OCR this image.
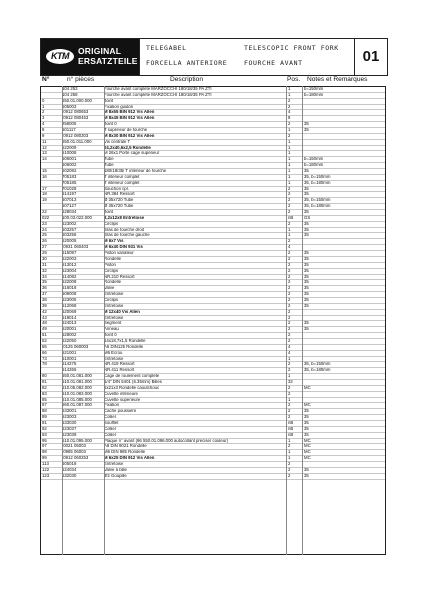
KTM	ORIGINAL
ERSATZTEILE
TELEGABEL	TELESCOPIC FRONT FORK
FORCELLA ANTERIORE	FOURCHE AVANT	01
N°	n° pièces	Description	Pos. Notes et Remarques
104 253	Fourche avant complète MARZOCCHI 180/18/35 PA ZTI	1	b=150mm
104 258	Fourche avant complète MARZOCCHI 180/18/35 PA ZTI	1	b=180mm
0	550.01.000.000	Joint	2
1	505003	Fixation guidon	2
2	.0912 080653	M 8x65 BIN 912 Vis Allen	4
3	.0912 080453	M 8x45 BIN 912 Vis Allen	8
4	258005	Joint 0	2	35
8	501117	T supérieur de fourche	1	35
9	.0912 080303	M 8x30 BIN 912 Vis Allen	2
11	550.01.011.000	Vis centrale T	1
12	522009	24,2x40,6x2,5 Rondelle	1
13	510008	M 26x1 Porte cage supérieur	1
14	506001	Tube	1	b=150mm
506002	Tube	1	b=180mm
15	502082	180/18/35/ T intérieur de fourche	1	35
16	705183	T intérieur complet	1	35, b=150mm
705185	T intérieur complet	1	35, b=180mm
17	701028	Bouchon cpl.	2	35
18	514197	NR.384 Ressort	2	35
19	507013	Ø 35x720 Tube	2	35, b=150mm
507127	Ø 35x720 Tube	2	35, b=180mm
22	528034	Joint	2	35
022	100.03.022.000	8,2x12x8 Entretoise	nB	GS
23	523002	Circlips	2	35
24	503257	Bras de fourche droit	1	35
25	503256	Bras de fourche gauche	1	35
26	520005	M 6x7 Vis	2
27	.0931 060403	M 6x40 DIN 931 Vis	4
29	515097	Piston variateur	2	35
30	522003	Rondelle	2	35
31	513012	Piston	2	35
32	523004	Circlips	2	35
34	514082	NR.210 Ressort	2	35
35	522008	Rondelle	2	35
36	516018	Valve	2	35
37	509008	Entretoise	2	35
38	523005	Circlips	2	35
39	512068	Entretoise	2	35
42	520069	M 12x40 Vis Allen	2
43	519014	Entretoise	2
48	524013	Segment	2	35
49	520001	Anneau	2	35
51	528002	Joint 0	2
52	522050	14x18,7x1,5 Rondelle	2
65	.0125 060003	A6 DIN125 Rondelle	4
66	521001	M6 Ecrou	4
73	510001	Entretoise	1
78	514275	NR.419 Ressort	2	35, b=150mm
514265	NR.411 Ressort	2	35, b=180mm
80	550.01.081.000	Cage de roulement complète	1
81	510.01.081.000	1/4" DIN 5401 (6.35mm) Billes	32
82	510.05.082.000	5x21x3 Rondelle caoutchouc	2	MC
83	510.01.083.000	Cuvette inférieure	2
85	510.01.085.000	Cuvette supérieure	1
87	560.01.087.000	Fixation	2	MC
88	533001	Cache poussière	2	35
89	523003	Collier	2	35
91	533030	Soufflet	nB	35
92	523037	Collier	nB	35
93	523039	Collier	nB	35
95	510.01.095.000	Plaque n° avant (96 550.01.096.000 autocollant préciser couleur)	1	MC
97	.0021 05003	A8 DIN 9021 Rondelle	2	MC
98	.0985 06003	M6 DIN 985 Rondelle	1	MC
99	.0912 060253	M 6x25 DIN 912 Vis Allen	1	MC
113	505018	Entretoise	2
122	524034	Valve à bille	2	35
123	532030	Φ2 Goupille	2	35
